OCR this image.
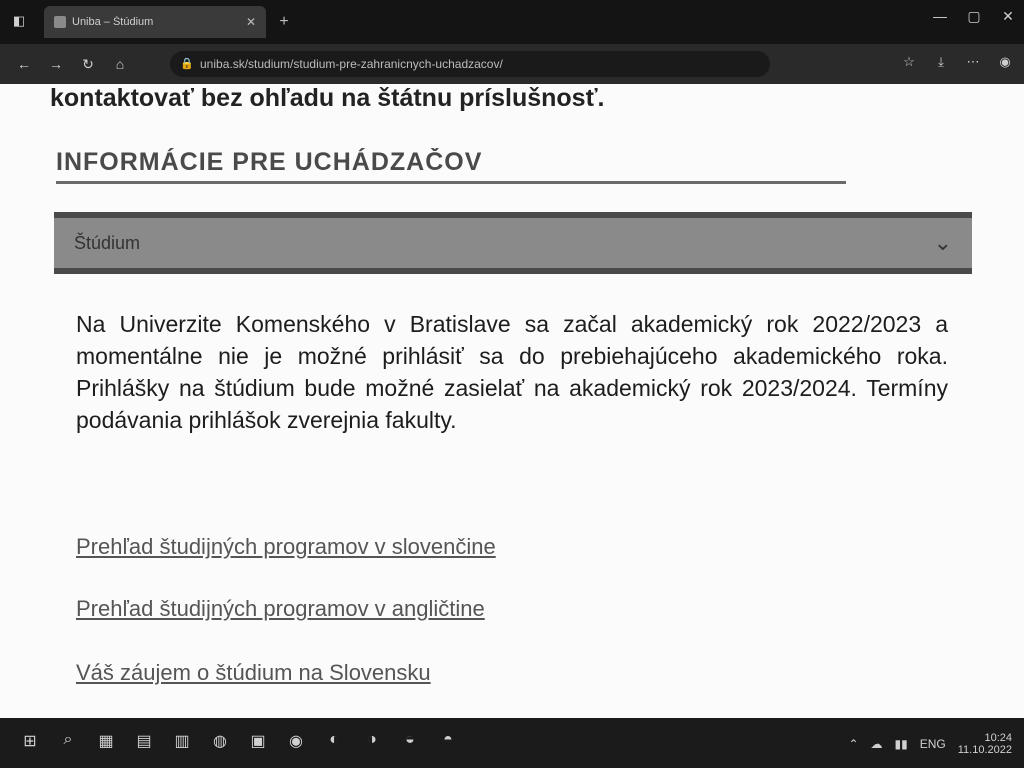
◧	Uniba – Štúdium	✕	+	— ▢ ✕
← → ↻	⌂	🔒 uniba.sk/studium/studium-pre-zahranicnych-uchadzacov/	☆	⤓	⋯ ◉
kontaktovať bez ohľadu na štátnu príslušnosť.
INFORMÁCIE PRE UCHÁDZAČOV
Štúdium	⌄
Na Univerzite Komenského v Bratislave sa začal akademický rok 2022/2023 a momentálne nie je možné prihlásiť sa do prebiehajúceho akademického roka. Prihlášky na štúdium bude možné zasielať na akademický rok 2023/2024. Termíny podávania prihlášok zverejnia fakulty.
Prehľad študijných programov v slovenčine
Prehľad študijných programov v angličtine
Váš záujem o štúdium na Slovensku
⊞	⌕	▦ ▤ ▥	◍	▣	◉	◐	◑	◒	◓	⌃ ☁ ▮▮ ENG	10:24
11.10.2022
